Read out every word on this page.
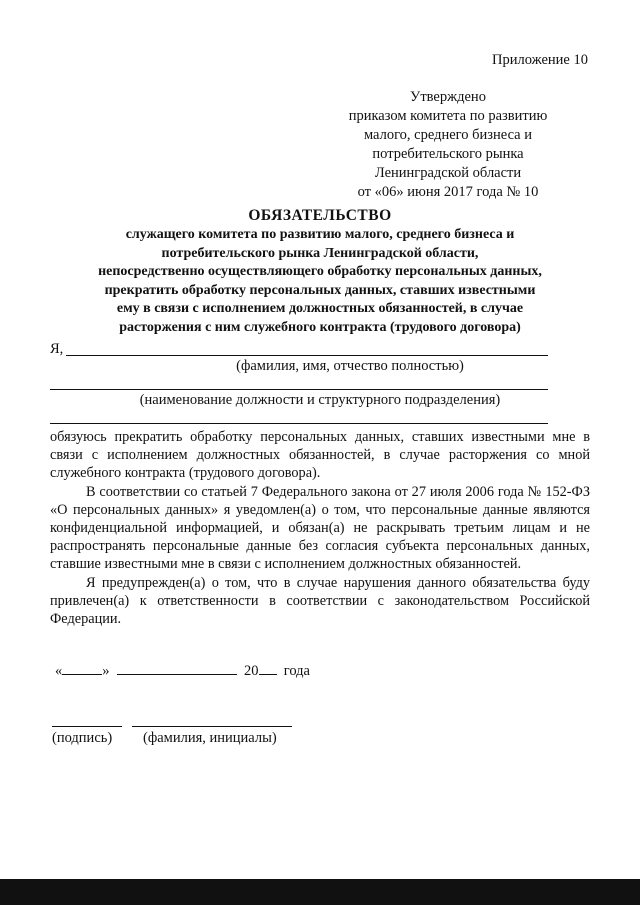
Приложение 10
Утверждено
приказом комитета по развитию
малого, среднего бизнеса и
потребительского рынка
Ленинградской области
от «06» июня 2017 года № 10
ОБЯЗАТЕЛЬСТВО
служащего комитета по развитию малого, среднего бизнеса и
потребительского рынка Ленинградской области,
непосредственно осуществляющего обработку персональных данных,
прекратить обработку персональных данных, ставших известными
ему в связи с исполнением должностных обязанностей, в случае
расторжения с ним служебного контракта (трудового договора)
Я,
(фамилия, имя, отчество полностью)
(наименование должности и структурного подразделения)

обязуюсь прекратить обработку персональных данных, ставших известными мне в связи с исполнением должностных обязанностей, в случае расторжения со мной служебного контракта (трудового договора).

В соответствии со статьей 7 Федерального закона от 27 июля 2006 года № 152-ФЗ «О персональных данных» я уведомлен(а) о том, что персональные данные являются конфиденциальной информацией, и обязан(а) не раскрывать третьим лицам и не распространять персональные данные без согласия субъекта персональных данных, ставшие известными мне в связи с исполнением должностных обязанностей.

Я предупрежден(а) о том, что в случае нарушения данного обязательства буду привлечен(а) к ответственности в соответствии с законодательством Российской Федерации.

«	»	20 года
(подпись) (фамилия, инициалы)
